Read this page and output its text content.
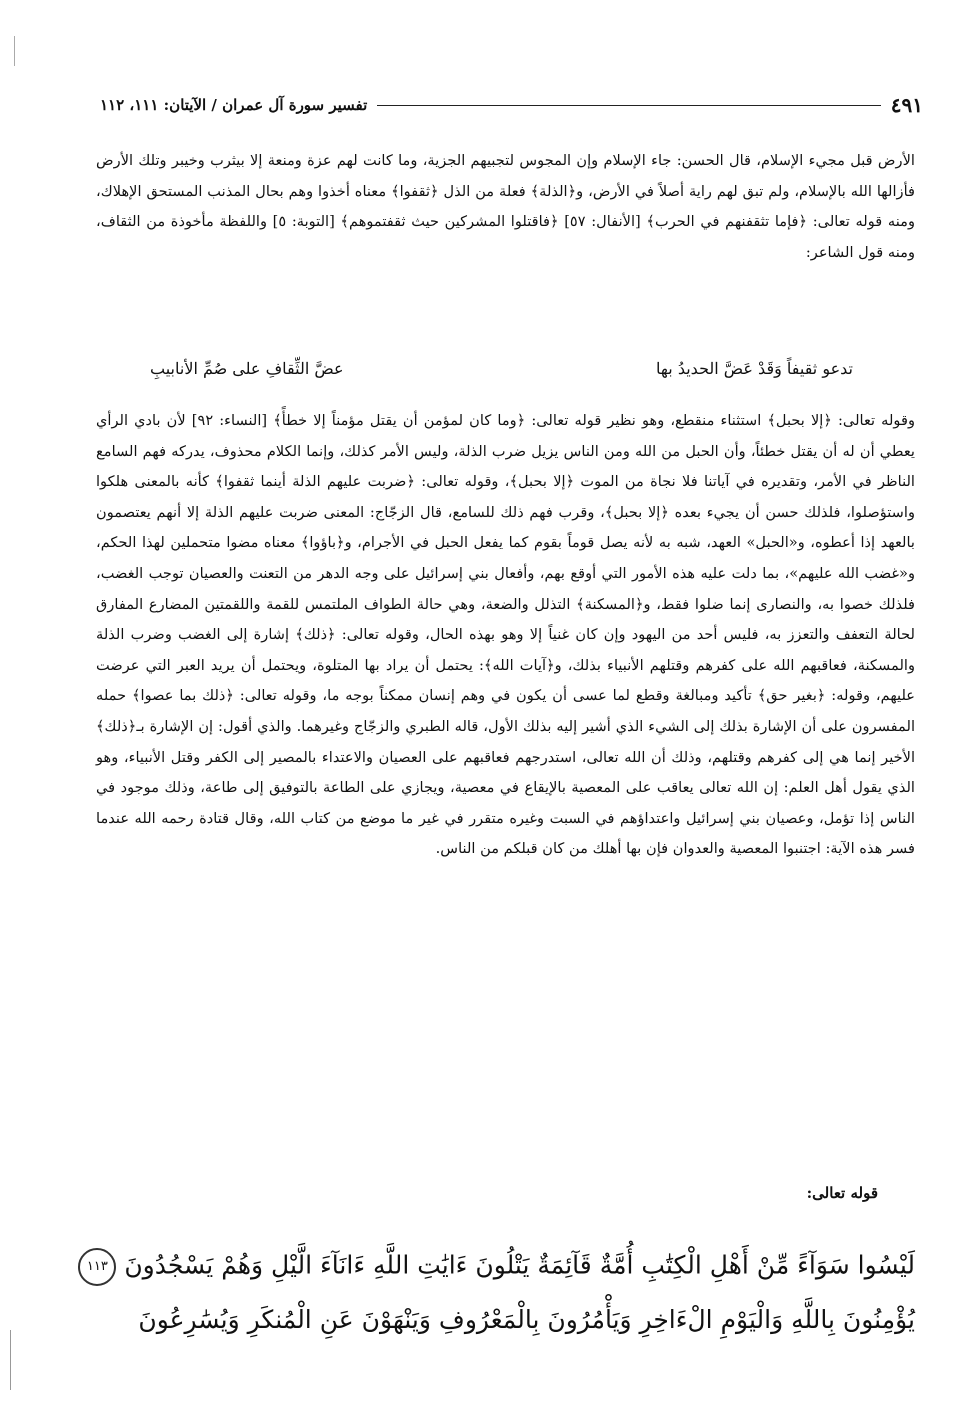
تفسير سورة آل عمران / الآيتان: ١١١، ١١٢	٤٩١

الأرض قبل مجيء الإسلام، قال الحسن: جاء الإسلام وإن المجوس لتجبيهم الجزية، وما كانت لهم عزة ومنعة إلا بيثرب وخيبر وتلك الأرض فأزالها الله بالإسلام، ولم تبق لهم راية أصلاً في الأرض، و﴿الذلة﴾ فعلة من الذل ﴿ثقفوا﴾ معناه أخذوا وهم بحال المذنب المستحق الإهلاك، ومنه قوله تعالى: ﴿فإما تثقفنهم في الحرب﴾ [الأنفال: ٥٧] ﴿فاقتلوا المشركين حيث ثقفتموهم﴾ [التوبة: ٥] واللفظة مأخوذة من الثقاف، ومنه قول الشاعر:

تدعو ثقيفاً وَقَدْ عَضَّ الحديدُ بها
عضَّ الثِّقافِ على صُمِّ الأنابيبِ

وقوله تعالى: ﴿إلا بحبل﴾ استثناء منقطع، وهو نظير قوله تعالى: ﴿وما كان لمؤمن أن يقتل مؤمناً إلا خطأً﴾ [النساء: ٩٢] لأن بادي الرأي يعطي أن له أن يقتل خطئاً، وأن الحبل من الله ومن الناس يزيل ضرب الذلة، وليس الأمر كذلك، وإنما الكلام محذوف، يدركه فهم السامع الناظر في الأمر، وتقديره في آياتنا فلا نجاة من الموت ﴿إلا بحبل﴾، وقوله تعالى: ﴿ضربت عليهم الذلة أينما ثقفوا﴾ كأنه بالمعنى هلكوا واستؤصلوا، فلذلك حسن أن يجيء بعده ﴿إلا بحبل﴾، وقرب فهم ذلك للسامع، قال الزجّاج: المعنى ضربت عليهم الذلة إلا أنهم يعتصمون بالعهد إذا أعطوه، و«الحبل» العهد، شبه به لأنه يصل قوماً بقوم كما يفعل الحبل في الأجرام، و﴿باؤوا﴾ معناه مضوا متحملين لهذا الحكم، و«غضب الله عليهم»، بما دلت عليه هذه الأمور التي أوقع بهم، وأفعال بني إسرائيل على وجه الدهر من التعنت والعصيان توجب الغضب، فلذلك خصوا به، والنصارى إنما ضلوا فقط، و﴿المسكنة﴾ التذلل والضعة، وهي حالة الطواف الملتمس للقمة واللقمتين المضارع المفارق لحالة التعفف والتعزز به، فليس أحد من اليهود وإن كان غنياً إلا وهو بهذه الحال، وقوله تعالى: ﴿ذلك﴾ إشارة إلى الغضب وضرب الذلة والمسكنة، فعاقبهم الله على كفرهم وقتلهم الأنبياء بذلك، و﴿آيات الله﴾: يحتمل أن يراد بها المتلوة، ويحتمل أن يريد العبر التي عرضت عليهم، وقوله: ﴿بغير حق﴾ تأكيد ومبالغة وقطع لما عسى أن يكون في وهم إنسان ممكناً بوجه ما، وقوله تعالى: ﴿ذلك بما عصوا﴾ حمله المفسرون على أن الإشارة بذلك إلى الشيء الذي أشير إليه بذلك الأول، قاله الطبري والزجّاج وغيرهما. والذي أقول: إن الإشارة بـ﴿ذلك﴾ الأخير إنما هي إلى كفرهم وقتلهم، وذلك أن الله تعالى، استدرجهم فعاقبهم على العصيان والاعتداء بالمصير إلى الكفر وقتل الأنبياء، وهو الذي يقول أهل العلم: إن الله تعالى يعاقب على المعصية بالإيقاع في معصية، ويجازي على الطاعة بالتوفيق إلى طاعة، وذلك موجود في الناس إذا تؤمل، وعصيان بني إسرائيل واعتداؤهم في السبت وغيره متقرر في غير ما موضع من كتاب الله، وقال قتادة رحمه الله عندما فسر هذه الآية: اجتنبوا المعصية والعدوان فإن بها أهلك من كان قبلكم من الناس.

قوله تعالى:
لَيْسُوا سَوَآءً مِّنْ أَهْلِ الْكِتَٰبِ أُمَّةٌ قَآئِمَةٌ يَتْلُونَ ءَايَٰتِ اللَّهِ ءَانَآءَ الَّيْلِ وَهُمْ يَسْجُدُونَ ١١٣
يُؤْمِنُونَ بِاللَّهِ وَالْيَوْمِ الْءَاخِرِ وَيَأْمُرُونَ بِالْمَعْرُوفِ وَيَنْهَوْنَ عَنِ الْمُنكَرِ وَيُسَٰرِعُونَ
